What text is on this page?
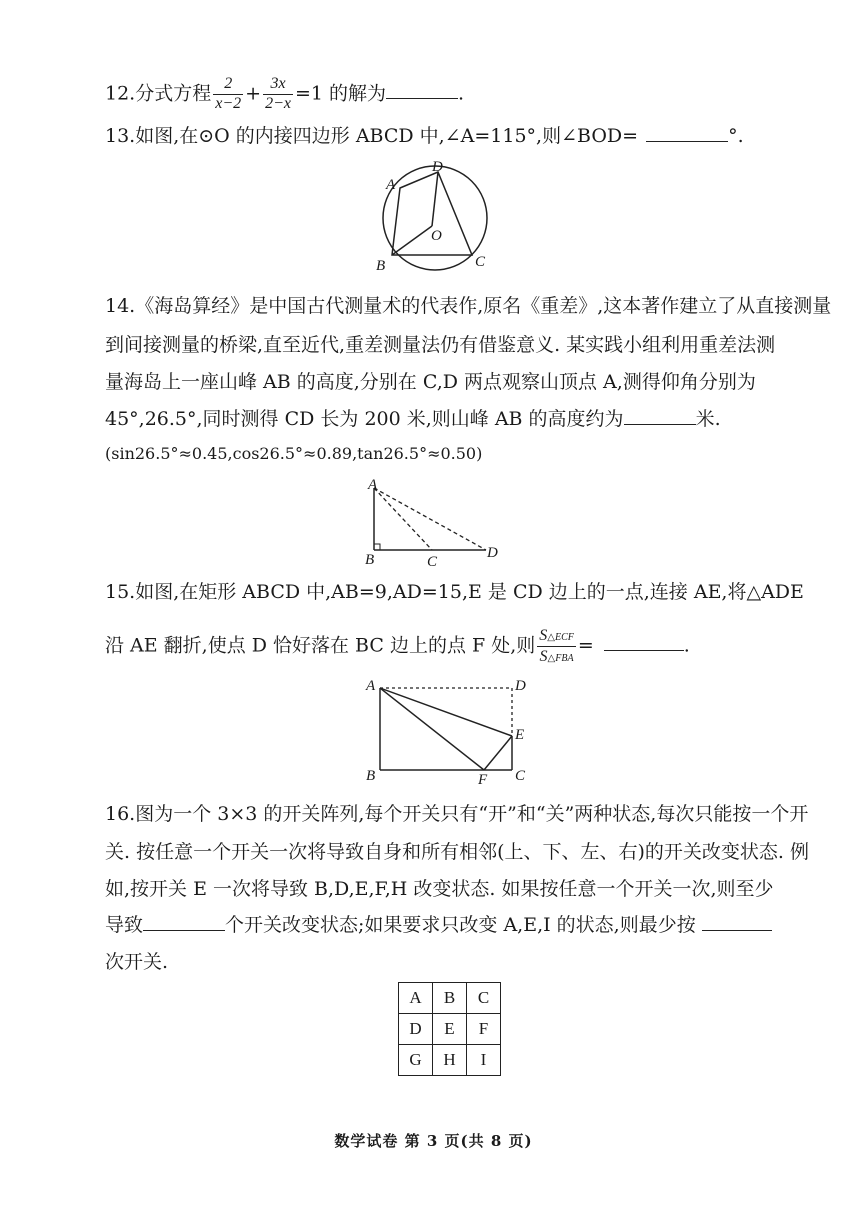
12.分式方程 $\frac{2}{x-2} + \frac{3x}{2-x} =1$ 的解为	.
13.如图,在⊙O 的内接四边形 ABCD 中,∠A=115°,则∠BOD=	°.
A
D
O
B	C
14.《海岛算经》是中国古代测量术的代表作,原名《重差》,这本著作建立了从直接测量
到间接测量的桥梁,直至近代,重差测量法仍有借鉴意义. 某实践小组利用重差法测
量海岛上一座山峰 AB 的高度,分别在 C,D 两点观察山顶点 A,测得仰角分别为
45°,26.5°,同时测得 CD 长为 200 米,则山峰 AB 的高度约为	米.
(sin26.5°≈0.45,cos26.5°≈0.89,tan26.5°≈0.50)
A
B	C
D
15.如图,在矩形 ABCD 中,AB=9,AD=15,E 是 CD 边上的一点,连接 AE,将△ADE
沿 AE 翻折,使点 D 恰好落在 BC 边上的点 F 处,则 $\frac{\text{S△ECF}}{\text{S△FBA}}$ =	.
A	D
E
B	F C
16.图为一个 3×3 的开关阵列,每个开关只有“开”和“关”两种状态,每次只能按一个开
关. 按任意一个开关一次将导致自身和所有相邻(上、下、左、右)的开关改变状态. 例
如,按开关 E 一次将导致 B,D,E,F,H 改变状态. 如果按任意一个开关一次,则至少
导致	个开关改变状态;如果要求只改变 A,E,I 的状态,则最少按
次开关.
A	B	C
D	E	F
G	H	I
数学试卷 第 3 页(共 8 页)
